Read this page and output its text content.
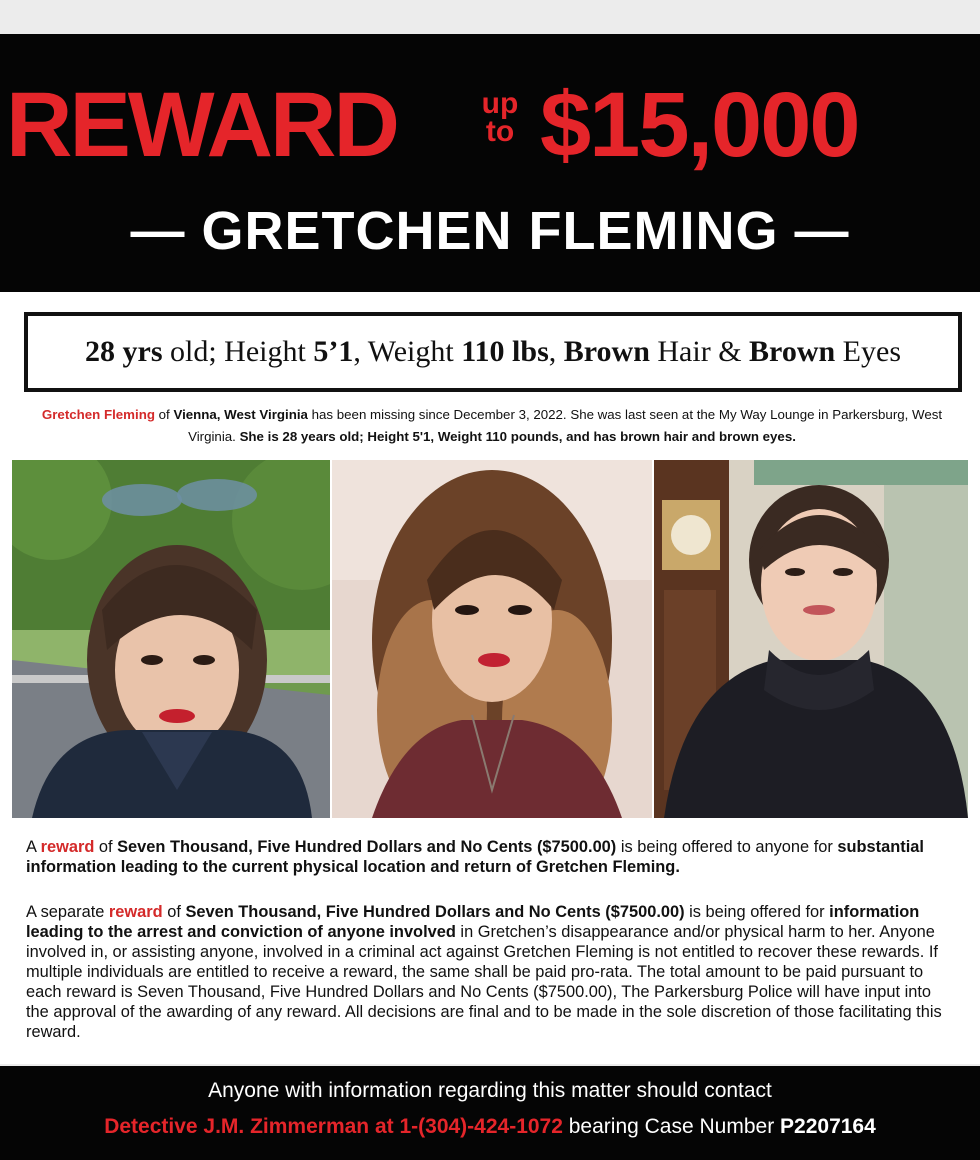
REWARD	up
to $15,000
— GRETCHEN FLEMING —
28 yrs old; Height 5’1, Weight 110 lbs, Brown Hair & Brown Eyes
Gretchen Fleming of Vienna, West Virginia has been missing since December 3, 2022. She was last seen at the My Way Lounge in Parkersburg, West Virginia. She is 28 years old; Height 5'1, Weight 110 pounds, and has brown hair and brown eyes.
A reward of Seven Thousand, Five Hundred Dollars and No Cents ($7500.00) is being offered to anyone for substantial information leading to the current physical location and return of Gretchen Fleming.
A separate reward of Seven Thousand, Five Hundred Dollars and No Cents ($7500.00) is being offered for information leading to the arrest and conviction of anyone involved in Gretchen’s disappearance and/or physical harm to her. Anyone involved in, or assisting anyone, involved in a criminal act against Gretchen Fleming is not entitled to recover these rewards. If multiple individuals are entitled to receive a reward, the same shall be paid pro-rata. The total amount to be paid pursuant to each reward is Seven Thousand, Five Hundred Dollars and No Cents ($7500.00), The Parkersburg Police will have input into the approval of the awarding of any reward. All decisions are final and to be made in the sole discretion of those facilitating this reward.
Anyone with information regarding this matter should contact
Detective J.M. Zimmerman at 1-(304)-424-1072 bearing Case Number P2207164
